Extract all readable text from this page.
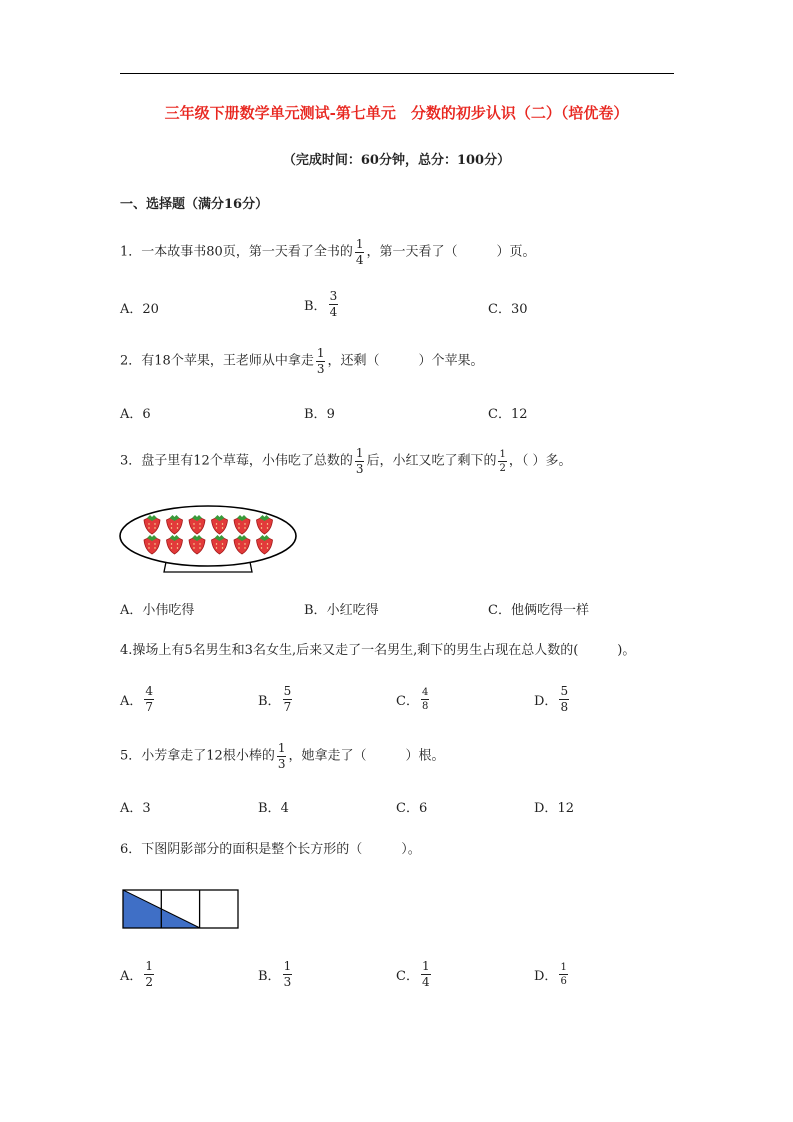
三年级下册数学单元测试-第七单元　分数的初步认识（二）（培优卷）
（完成时间：60分钟，总分：100分）
一、选择题（满分16分）
1．一本故事书80页，第一天看了全书的 $\frac{1}{4}$ ，第一天看了（　　　）页。
A．20	B． $\frac{3}{4}$	C．30
2．有18个苹果，王老师从中拿走 $\frac{1}{3}$ ，还剩（　　　）个苹果。
A．6	B．9	C．12
3．盘子里有12个草莓，小伟吃了总数的 $\frac{1}{3}$ 后，小红又吃了剩下的 $\frac{1}{2}$ ，（ ）多。
A．小伟吃得	B．小红吃得	C．他俩吃得一样
4.操场上有5名男生和3名女生,后来又走了一名男生,剩下的男生占现在总人数的(　　　)。
A． $\frac{4}{7}$	B． $\frac{5}{7}$	C． $\frac{4}{8}$	D． $\frac{5}{8}$
5．小芳拿走了12根小棒的 $\frac{1}{3}$ ，她拿走了（　　　）根。
A．3	B．4	C．6	D．12
6．下图阴影部分的面积是整个长方形的（　　　）。
A． $\frac{1}{2}$	B． $\frac{1}{3}$	C． $\frac{1}{4}$	D． $\frac{1}{6}$
